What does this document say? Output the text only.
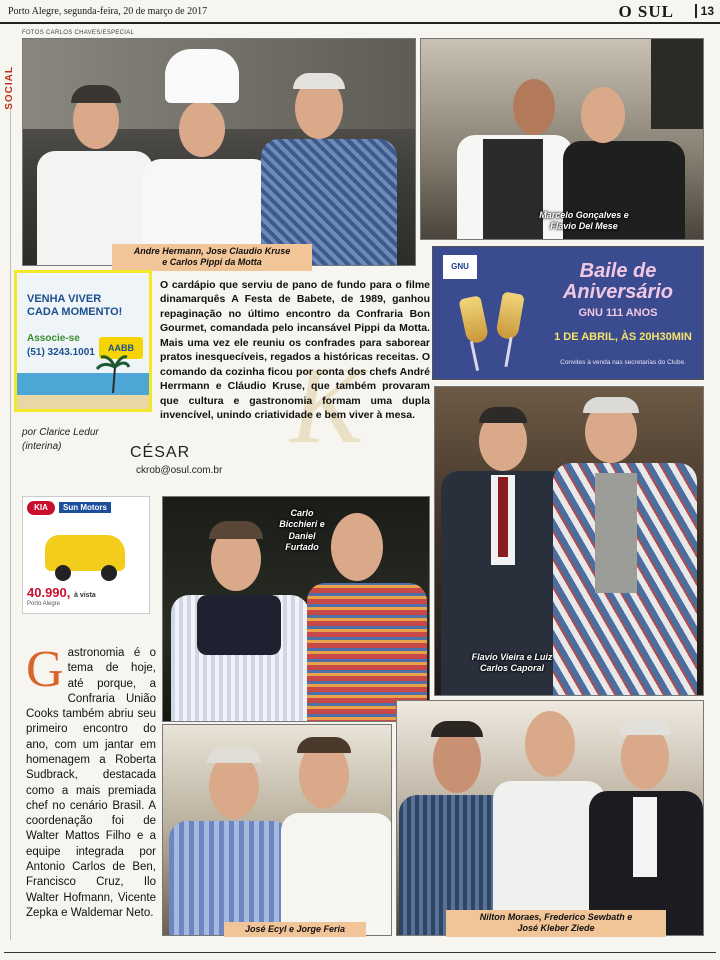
Porto Alegre, segunda-feira, 20 de março de 2017	O SUL	13
SOCIAL
FOTOS CARLOS CHAVES/ESPECIAL
Andre Hermann, Jose Claudio Kruse
e Carlos Pippi da Motta
Marcelo Gonçalves e
Flávio Del Mese
VENHA VIVER
CADA MOMENTO!
Associe-se
(51) 3243.1001	AABB K
por Clarice Ledur
(interina)	CÉSAR
ckrob@osul.com.br

O cardápio que serviu de pano de fundo para o filme dinamarquês A Festa de Babete, de 1989, ganhou repaginação no último encontro da Confraria Bon Gourmet, comandada pelo incansável Pippi da Motta. Mais uma vez ele reuniu os confrades para saborear pratos inesquecíveis, regados a históricas receitas. O comando da cozinha ficou por conta dos chefs André Herrmann e Cláudio Kruse, que também provaram que cultura e gastronomia formam uma dupla invencível, unindo criatividade e bem viver à mesa.

GNU	Baile de Aniversário
GNU 111 ANOS
1 DE ABRIL, ÀS 20H30MIN
Convites à venda nas secretarias do Clube.
Flavio Vieira e Luiz
Carlos Caporal
KIA	Sun Motors
40.990, à vista
Porto Alegre
Carlo
Bicchieri e
Daniel
Furtado
José Ecyl e Jorge Feria
Nilton Moraes, Frederico Sewbath e
José Kleber Ziede
G astronomia é o tema de hoje, até porque, a Confraria União Cooks também abriu seu primeiro encontro do ano, com um jantar em homenagem a Roberta Sudbrack, destacada como a mais premiada chef no cenário Brasil. A coordenação foi de Walter Mattos Filho e a equipe integrada por Antonio Carlos de Ben, Francisco Cruz, Ilo Walter Hofmann, Vicente Zepka e Waldemar Neto.
